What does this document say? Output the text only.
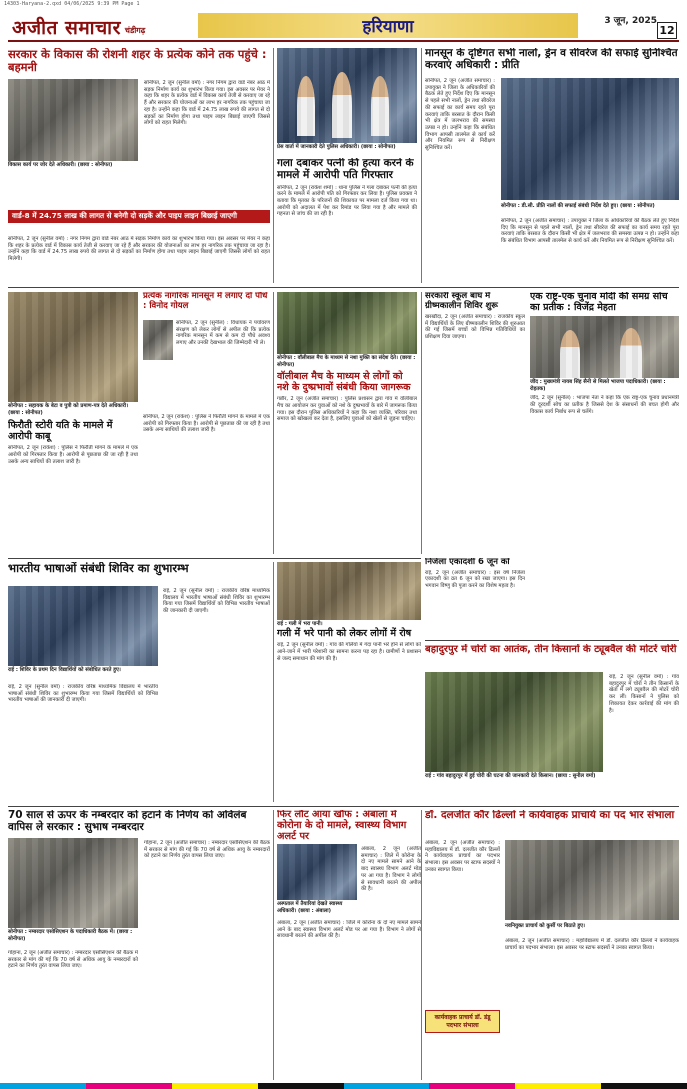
14303-Haryana-2.qxd 04/06/2025 9:39 PM Page 1
अजीत समाचार चंडीगढ़	हरियाणा	3 जून, 2025
12
सरकार के विकास की रोशनी शहर के प्रत्येक कोने तक पहुंचे : बहमनी
विकास कार्य पर जोर देते अधिकारी। (छाया : सोनीपत)
सोनीपत, 2 जून (सुनील वर्मा) : नगर निगम द्वारा वार्ड नंबर आठ में सड़क निर्माण कार्य का शुभारंभ किया गया। इस अवसर पर मेयर ने कहा कि शहर के प्रत्येक वार्ड में विकास कार्य तेजी से करवाए जा रहे हैं और सरकार की योजनाओं का लाभ हर नागरिक तक पहुंचाया जा रहा है। उन्होंने कहा कि वार्ड में 24.75 लाख रुपये की लागत से दो सड़कों का निर्माण होगा तथा पाइप लाइन बिछाई जाएगी जिससे लोगों को राहत मिलेगी।
वार्ड-8 में 24.75 लाख की लागत से बनेगी दो सड़कें और पाइप लाइन बिछाई जाएगी
सोनीपत, 2 जून (सुनील वर्मा) : नगर निगम द्वारा वार्ड नंबर आठ में सड़क निर्माण कार्य का शुभारंभ किया गया। इस अवसर पर मेयर ने कहा कि शहर के प्रत्येक वार्ड में विकास कार्य तेजी से करवाए जा रहे हैं और सरकार की योजनाओं का लाभ हर नागरिक तक पहुंचाया जा रहा है। उन्होंने कहा कि वार्ड में 24.75 लाख रुपये की लागत से दो सड़कों का निर्माण होगा तथा पाइप लाइन बिछाई जाएगी जिससे लोगों को राहत मिलेगी।
प्रेस वार्ता में जानकारी देते पुलिस अधिकारी। (छाया : सोनीपत)
गला दबाकर पत्नी की हत्या करने के मामले में आरोपी पति गिरफ्तार
सोनीपत, 2 जून (राकेश शर्मा) : थाना पुलिस ने गला दबाकर पत्नी की हत्या करने के मामले में आरोपी पति को गिरफ्तार कर लिया है। पुलिस प्रवक्ता ने बताया कि मृतका के परिजनों की शिकायत पर मामला दर्ज किया गया था। आरोपी को अदालत में पेश कर रिमांड पर लिया गया है और मामले की गहनता से जांच की जा रही है।
मानसून के दृष्टिगत सभी नालों, ड्रेन व सीवरेज की सफाई सुनिश्चित करवाएं अधिकारी : प्रीति
सोनीपत, 2 जून (अजीत समाचार) : उपायुक्त ने जिला के अधिकारियों की बैठक लेते हुए निर्देश दिए कि मानसून से पहले सभी नालों, ड्रेन तथा सीवरेज की सफाई का कार्य समय रहते पूरा करवाएं ताकि बरसात के दौरान किसी भी क्षेत्र में जलभराव की समस्या उत्पन्न न हो। उन्होंने कहा कि संबंधित विभाग आपसी तालमेल से कार्य करें और नियमित रूप से निरीक्षण सुनिश्चित करें।
सोनीपत : डी.सी. प्रीति नालों की सफाई संबंधी निर्देश देते हुए। (छाया : सोनीपत)
सोनीपत, 2 जून (अजीत समाचार) : उपायुक्त ने जिला के अधिकारियों की बैठक लेते हुए निर्देश दिए कि मानसून से पहले सभी नालों, ड्रेन तथा सीवरेज की सफाई का कार्य समय रहते पूरा करवाएं ताकि बरसात के दौरान किसी भी क्षेत्र में जलभराव की समस्या उत्पन्न न हो। उन्होंने कहा कि संबंधित विभाग आपसी तालमेल से कार्य करें और नियमित रूप से निरीक्षण सुनिश्चित करें।
प्रत्येक नागरिक मानसून में लगाए दो पौधे : विनोद गोयल
सोनीपत, 2 जून (सुनील) : विधायक ने पर्यावरण संरक्षण को लेकर लोगों से अपील की कि प्रत्येक नागरिक मानसून में कम से कम दो पौधे अवश्य लगाए और उनकी देखभाल की जिम्मेदारी भी ले।
सोनीपत : सहायक के बेटा व पुत्री को प्रमाण-पत्र देते अधिकारी। (छाया : सोनीपत)
फिरौती स्टोरी यति के मामले में आरोपी काबू
सोनीपत, 2 जून (राकेश) : पुलिस ने फिरौती मांगने के मामले में एक आरोपी को गिरफ्तार किया है। आरोपी से पूछताछ की जा रही है तथा उसके अन्य साथियों की तलाश जारी है।
सोनीपत, 2 जून (राकेश) : पुलिस ने फिरौती मांगने के मामले में एक आरोपी को गिरफ्तार किया है। आरोपी से पूछताछ की जा रही है तथा उसके अन्य साथियों की तलाश जारी है।
सोनीपत : वॉलीबाल मैच के माध्यम से नशा मुक्ति का संदेश देते। (छाया : सोनीपत)
वॉलीबाल मैच के माध्यम से लोगों को नशे के दुष्प्रभावों संबंधी किया जागरूक
गन्नौर, 2 जून (अजीत समाचार) : पुलिस प्रशासन द्वारा गांव में वॉलीबाल मैच का आयोजन कर युवाओं को नशे के दुष्प्रभावों के बारे में जागरूक किया गया। इस दौरान पुलिस अधिकारियों ने कहा कि नशा व्यक्ति, परिवार तथा समाज को खोखला कर देता है, इसलिए युवाओं को खेलों से जुड़ना चाहिए।
सरकारी स्कूल बाघ में ग्रीष्मकालीन शिविर शुरू
खरखौदा, 2 जून (अजीत समाचार) : राजकीय स्कूल में विद्यार्थियों के लिए ग्रीष्मकालीन शिविर की शुरुआत की गई जिसमें बच्चों को विभिन्न गतिविधियों का प्रशिक्षण दिया जाएगा।
एक राष्ट्र-एक चुनाव मोदी की समग्र सोच का प्रतीक : विजेंद्र मेहता
जींद : मुख्यमंत्री नायब सिंह सैनी से मिलते भाजपा पदाधिकारी। (छाया : रोहतक)
जींद, 2 जून (सुनील) : भाजपा नेता ने कहा कि एक राष्ट्र-एक चुनाव प्रधानमंत्री की दूरदर्शी सोच का प्रतीक है जिससे देश के संसाधनों की बचत होगी और विकास कार्य निर्बाध रूप से चलेंगे।
भारतीय भाषाओं संबंधी शिविर का शुभारम्भ
राई : शिविर के प्रथम दिन विद्यार्थियों को संबोधित करते हुए।
राई, 2 जून (सुनील वर्मा) : राजकीय वरिष्ठ माध्यमिक विद्यालय में भारतीय भाषाओं संबंधी शिविर का शुभारम्भ किया गया जिसमें विद्यार्थियों को विभिन्न भारतीय भाषाओं की जानकारी दी जाएगी।
राई, 2 जून (सुनील वर्मा) : राजकीय वरिष्ठ माध्यमिक विद्यालय में भारतीय भाषाओं संबंधी शिविर का शुभारम्भ किया गया जिसमें विद्यार्थियों को विभिन्न भारतीय भाषाओं की जानकारी दी जाएगी।
राई : गली में भरा पानी।
गली में भरे पानी को लेकर लोगों में रोष
राई, 2 जून (सुनील वर्मा) : गांव की गलियों में गंदा पानी भरे होने से लोगों को आने-जाने में भारी परेशानी का सामना करना पड़ रहा है। ग्रामीणों ने प्रशासन से जल्द समाधान की मांग की है।
निर्जला एकादशी 6 जून को
राई, 2 जून (अजीत समाचार) : इस वर्ष निर्जला एकादशी का व्रत 6 जून को रखा जाएगा। इस दिन भगवान विष्णु की पूजा करने का विशेष महत्व है।
बहादुरपुर में चोरों का आतंक, तीन किसानों के ट्यूबवैल की मोटरें चोरी
राई : गांव बहादुरपुर में हुई चोरी की घटना की जानकारी देते किसान। (छाया : सुनील वर्मा)
राई, 2 जून (सुनील वर्मा) : गांव बहादुरपुर में चोरों ने तीन किसानों के खेतों में लगे ट्यूबवैल की मोटरें चोरी कर लीं। किसानों ने पुलिस को शिकायत देकर कार्रवाई की मांग की है।
70 साल से ऊपर के नम्बरदार को हटाने के निर्णय को अविलंब वापिस ले सरकार : सुभाष नम्बरदार
सोनीपत : नम्बरदार एसोसिएशन के पदाधिकारी बैठक में। (छाया : सोनीपत)
गोहाना, 2 जून (अजीत समाचार) : नम्बरदार एसोसिएशन की बैठक में सरकार से मांग की गई कि 70 वर्ष से अधिक आयु के नम्बरदारों को हटाने का निर्णय तुरंत वापस लिया जाए।
गोहाना, 2 जून (अजीत समाचार) : नम्बरदार एसोसिएशन की बैठक में सरकार से मांग की गई कि 70 वर्ष से अधिक आयु के नम्बरदारों को हटाने का निर्णय तुरंत वापस लिया जाए।
फिर लौट आया खौफ : अंबाला में कोरोना के दो मामले, स्वास्थ्य विभाग अलर्ट पर
अस्पताल में तैयारियां देखते स्वास्थ्य अधिकारी। (छाया : अंबाला)
अंबाला, 2 जून (अजीत समाचार) : जिले में कोरोना के दो नए मामले सामने आने के बाद स्वास्थ्य विभाग अलर्ट मोड पर आ गया है। विभाग ने लोगों से सावधानी बरतने की अपील की है।
अंबाला, 2 जून (अजीत समाचार) : जिले में कोरोना के दो नए मामले सामने आने के बाद स्वास्थ्य विभाग अलर्ट मोड पर आ गया है। विभाग ने लोगों से सावधानी बरतने की अपील की है।
डॉ. दलजीत कौर ढिल्लों ने कार्यवाहक प्राचार्य का पद भार संभाला
अंबाला, 2 जून (अजीत समाचार) : महाविद्यालय में डॉ. दलजीत कौर ढिल्लों ने कार्यवाहक प्राचार्य का पदभार संभाला। इस अवसर पर स्टाफ सदस्यों ने उनका स्वागत किया।
नवनियुक्त प्राचार्य को कुर्सी पर बिठाते हुए।
कार्यवाहक प्राचार्य डॉ. डंडू पदभार संभाला
अंबाला, 2 जून (अजीत समाचार) : महाविद्यालय में डॉ. दलजीत कौर ढिल्लों ने कार्यवाहक प्राचार्य का पदभार संभाला। इस अवसर पर स्टाफ सदस्यों ने उनका स्वागत किया।
